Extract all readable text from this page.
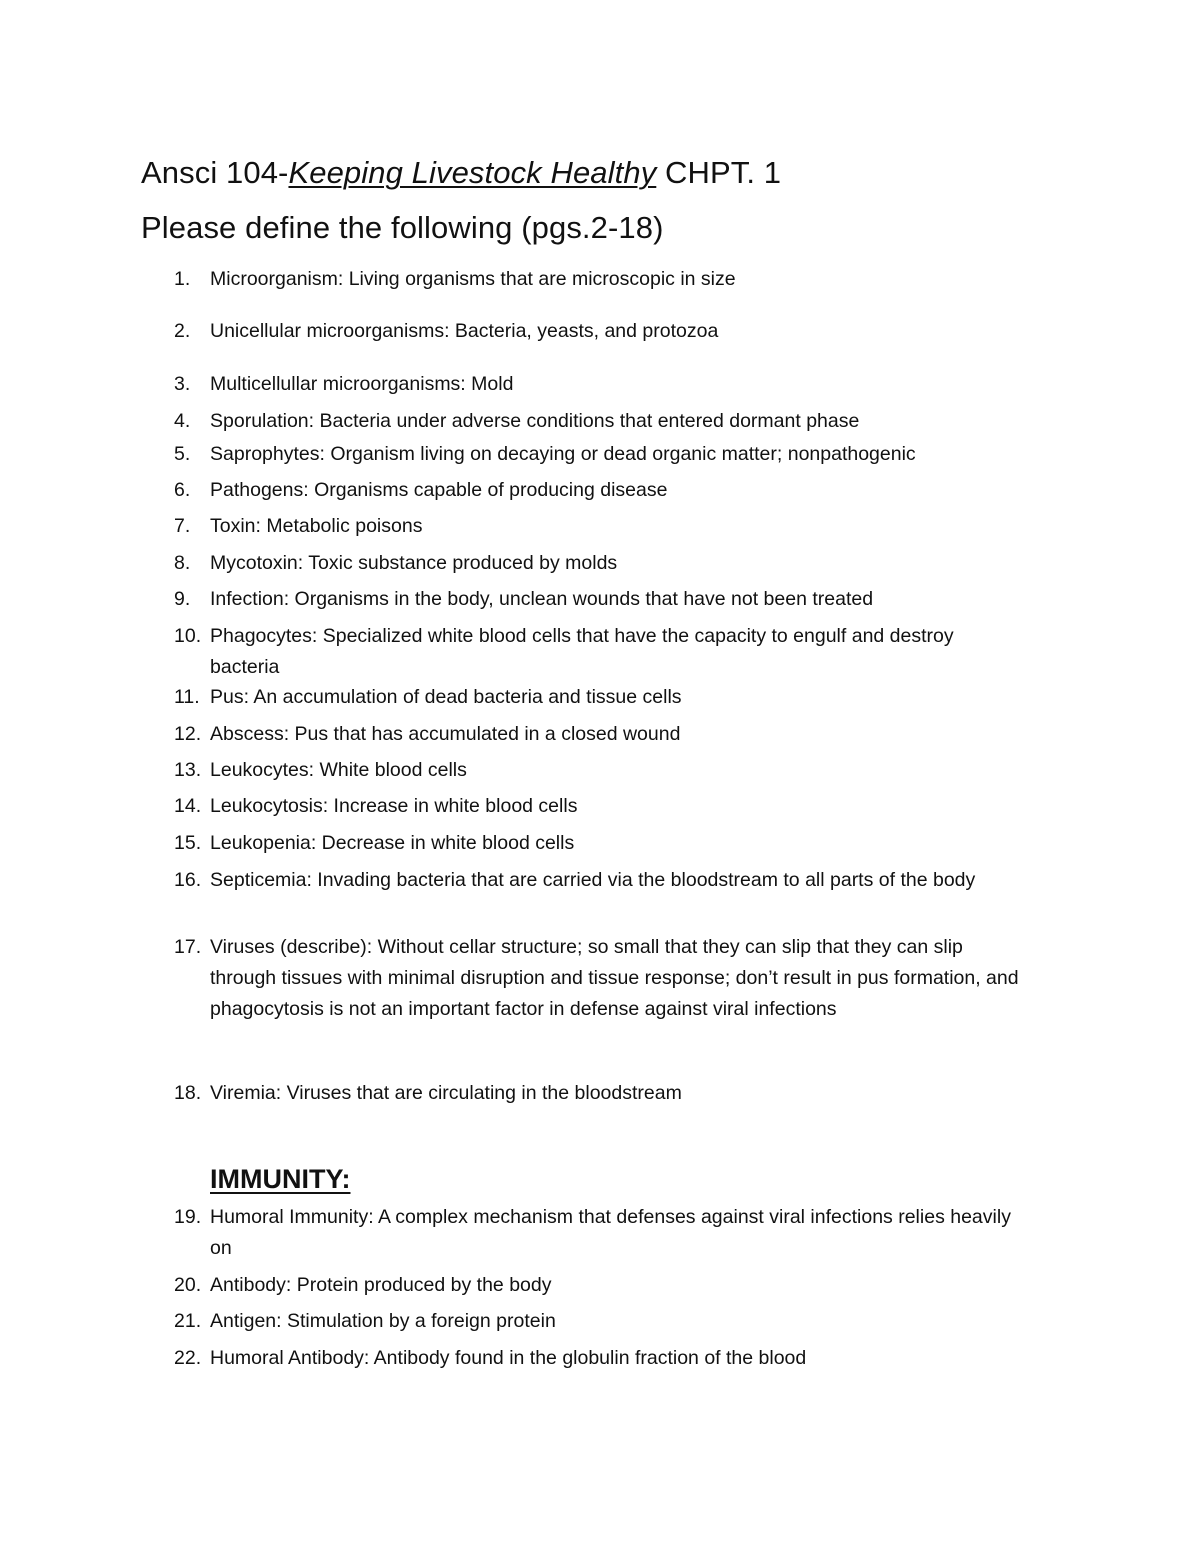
Ansci 104-Keeping Livestock Healthy CHPT. 1
Please define the following (pgs.2-18)
1.	Microorganism: Living organisms that are microscopic in size
2.	Unicellular microorganisms: Bacteria, yeasts, and protozoa
3.	Multicellullar microorganisms: Mold
4.	Sporulation: Bacteria under adverse conditions that entered dormant phase
5.	Saprophytes: Organism living on decaying or dead organic matter; nonpathogenic
6.	Pathogens: Organisms capable of producing disease
7.	Toxin: Metabolic poisons
8.	Mycotoxin: Toxic substance produced by molds
9.	Infection: Organisms in the body, unclean wounds that have not been treated
10. Phagocytes: Specialized white blood cells that have the capacity to engulf and destroy bacteria
11. Pus: An accumulation of dead bacteria and tissue cells
12. Abscess: Pus that has accumulated in a closed wound
13. Leukocytes: White blood cells
14. Leukocytosis: Increase in white blood cells
15. Leukopenia: Decrease in white blood cells
16. Septicemia: Invading bacteria that are carried via the bloodstream to all parts of the body
17. Viruses (describe): Without cellar structure; so small that they can slip that they can slip through tissues with minimal disruption and tissue response; don’t result in pus formation, and phagocytosis is not an important factor in defense against viral infections
18. Viremia: Viruses that are circulating in the bloodstream
19. Humoral Immunity: A complex mechanism that defenses against viral infections relies heavily on
20. Antibody: Protein produced by the body
21. Antigen: Stimulation by a foreign protein
22. Humoral Antibody: Antibody found in the globulin fraction of the blood
IMMUNITY:
